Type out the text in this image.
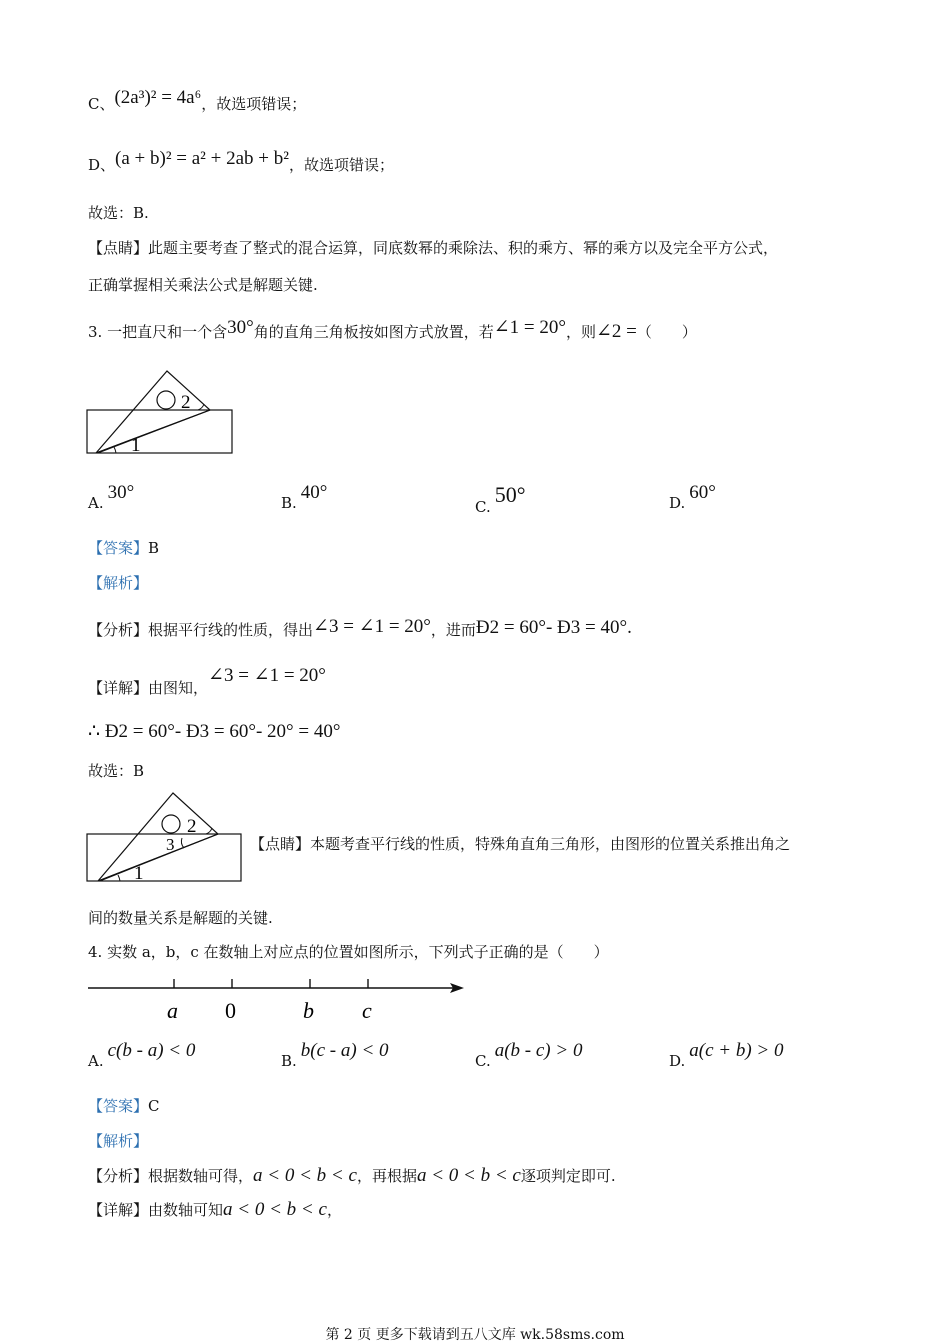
C、(2a³)² = 4a⁶，故选项错误；
D、(a + b)² = a² + 2ab + b²，故选项错误；
故选：B.
【点睛】此题主要考查了整式的混合运算，同底数幂的乘除法、积的乘方、幂的乘方以及完全平方公式，
正确掌握相关乘法公式是解题关键.
3. 一把直尺和一个含30°角的直角三角板按如图方式放置，若∠1 = 20°，则∠2 =（　　）
2
1
A. 30°	B. 40°
C. 50°	D. 60°
【答案】B
【解析】
【分析】根据平行线的性质，得出∠3 = ∠1 = 20°，进而Ð2 = 60°- Ð3 = 40°.
【详解】由图知，∠3 = ∠1 = 20°
∴ Ð2 = 60°- Ð3 = 60°- 20° = 40°
故选：B
2
3
1
【点睛】本题考查平行线的性质，特殊角直角三角形，由图形的位置关系推出角之
间的数量关系是解题的关键.
4. 实数 a，b，c 在数轴上对应点的位置如图所示，下列式子正确的是（　　）
a 0	b c
A. c(b - a) < 0	B. b(c - a) < 0	C. a(b - c) > 0	D. a(c + b) > 0
【答案】C
【解析】
【分析】根据数轴可得，a < 0 < b < c，再根据a < 0 < b < c逐项判定即可.
【详解】由数轴可知a < 0 < b < c，
第 2 页 更多下载请到五八文库 wk.58sms.com
